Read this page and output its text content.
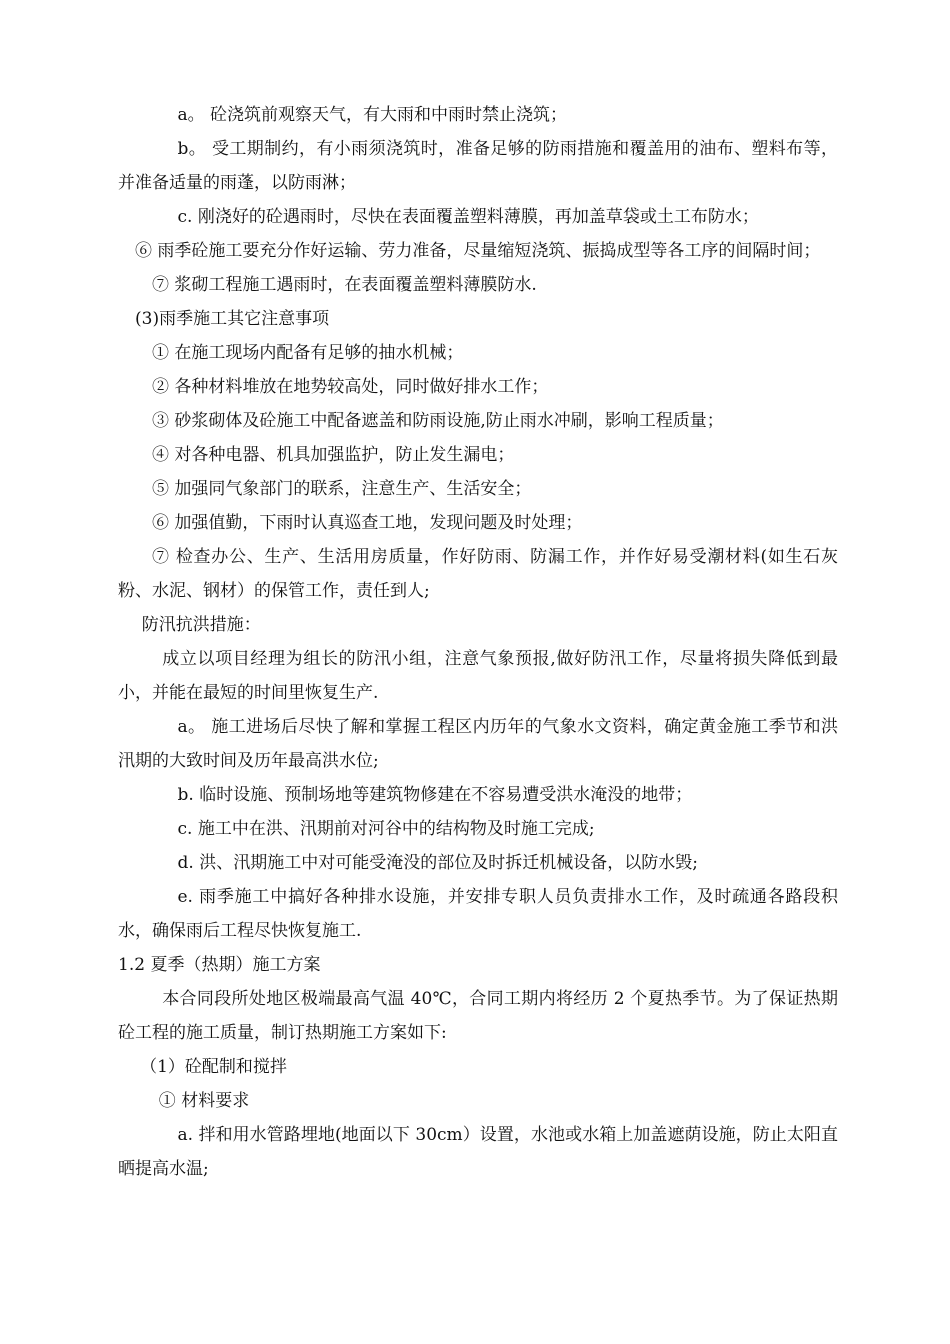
a。 砼浇筑前观察天气，有大雨和中雨时禁止浇筑；

b。 受工期制约，有小雨须浇筑时，准备足够的防雨措施和覆盖用的油布、塑料布等，并准备适量的雨蓬，以防雨淋；

c. 刚浇好的砼遇雨时，尽快在表面覆盖塑料薄膜，再加盖草袋或土工布防水；

⑥ 雨季砼施工要充分作好运输、劳力准备，尽量缩短浇筑、振捣成型等各工序的间隔时间；

⑦ 浆砌工程施工遇雨时，在表面覆盖塑料薄膜防水.

(3)雨季施工其它注意事项

① 在施工现场内配备有足够的抽水机械；

② 各种材料堆放在地势较高处，同时做好排水工作；

③ 砂浆砌体及砼施工中配备遮盖和防雨设施,防止雨水冲刷，影响工程质量；

④ 对各种电器、机具加强监护，防止发生漏电；

⑤ 加强同气象部门的联系，注意生产、生活安全；

⑥ 加强值勤，下雨时认真巡查工地，发现问题及时处理；

⑦ 检查办公、生产、生活用房质量，作好防雨、防漏工作，并作好易受潮材料(如生石灰粉、水泥、钢材）的保管工作，责任到人;

防汛抗洪措施：

成立以项目经理为组长的防汛小组，注意气象预报,做好防汛工作，尽量将损失降低到最小，并能在最短的时间里恢复生产.

a。 施工进场后尽快了解和掌握工程区内历年的气象水文资料，确定黄金施工季节和洪汛期的大致时间及历年最高洪水位;

b. 临时设施、预制场地等建筑物修建在不容易遭受洪水淹没的地带；

c. 施工中在洪、汛期前对河谷中的结构物及时施工完成;

d. 洪、汛期施工中对可能受淹没的部位及时拆迁机械设备，以防水毁;

e. 雨季施工中搞好各种排水设施，并安排专职人员负责排水工作，及时疏通各路段积水，确保雨后工程尽快恢复施工.

1.2 夏季（热期）施工方案

本合同段所处地区极端最高气温 40℃，合同工期内将经历 2 个夏热季节。为了保证热期砼工程的施工质量，制订热期施工方案如下:

（1）砼配制和搅拌

① 材料要求

a. 拌和用水管路埋地(地面以下 30cm）设置，水池或水箱上加盖遮荫设施，防止太阳直晒提高水温;
